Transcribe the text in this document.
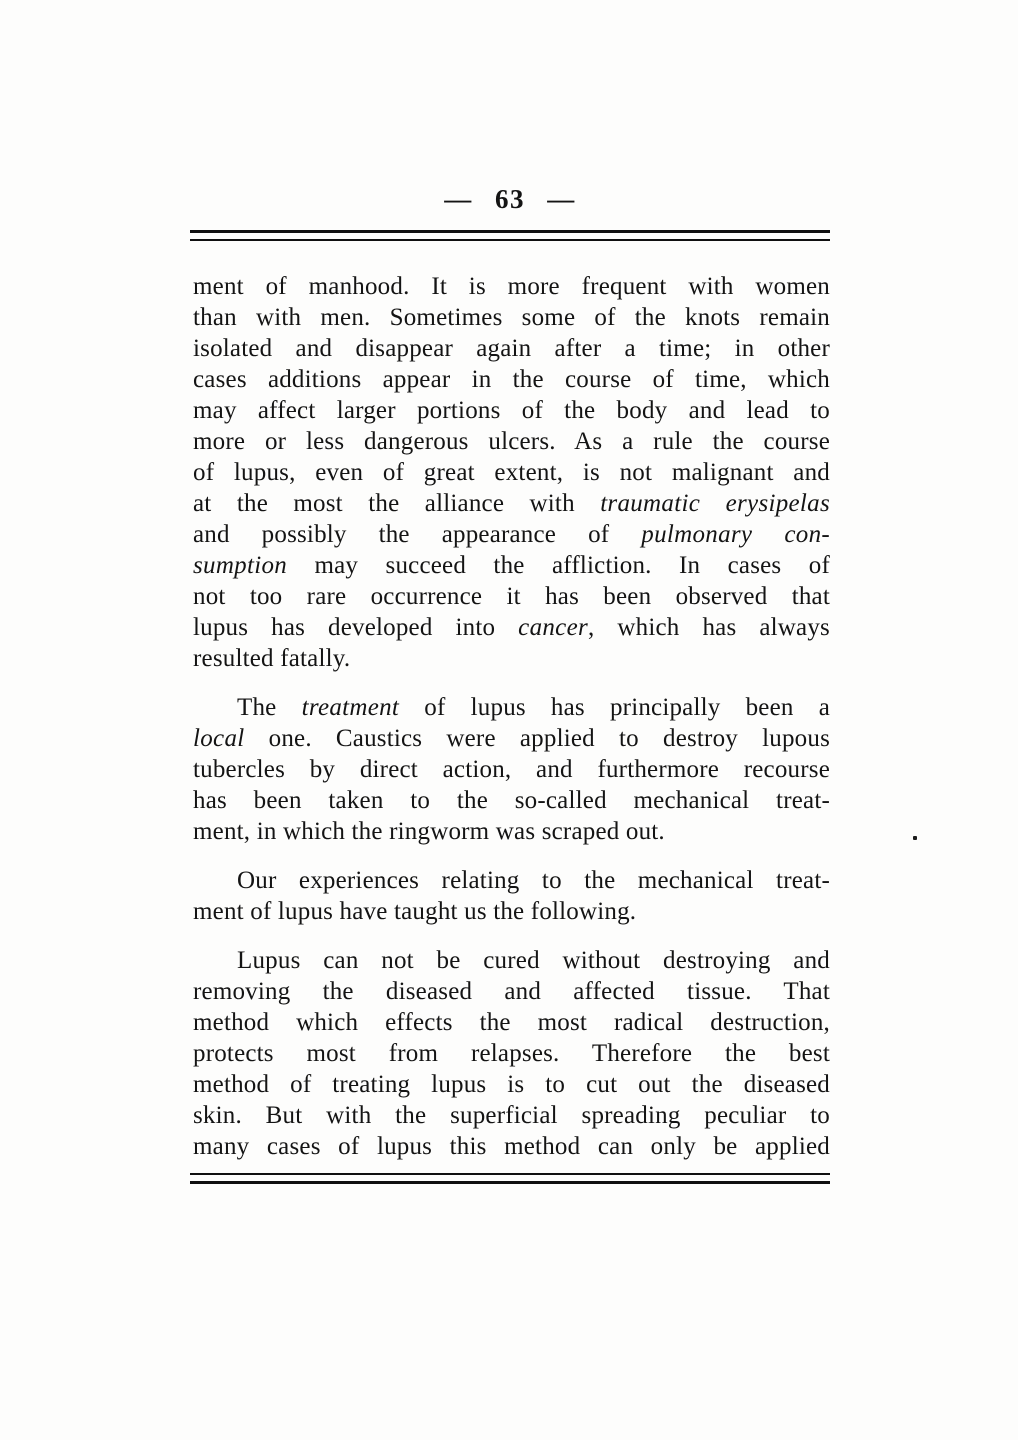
— 63 —
ment of manhood. It is more frequent with women
than with men. Sometimes some of the knots remain
isolated and disappear again after a time; in other
cases additions appear in the course of time, which
may affect larger portions of the body and lead to
more or less dangerous ulcers. As a rule the course
of lupus, even of great extent, is not malignant and
at the most the alliance with traumatic erysipelas
and possibly the appearance of pulmonary con-
sumption may succeed the affliction. In cases of
not too rare occurrence it has been observed that
lupus has developed into cancer, which has always
resulted fatally.
The treatment of lupus has principally been a
local one. Caustics were applied to destroy lupous
tubercles by direct action, and furthermore recourse
has been taken to the so-called mechanical treat-
ment, in which the ringworm was scraped out.
Our experiences relating to the mechanical treat-
ment of lupus have taught us the following.
Lupus can not be cured without destroying and
removing the diseased and affected tissue. That
method which effects the most radical destruction,
protects most from relapses. Therefore the best
method of treating lupus is to cut out the diseased
skin. But with the superficial spreading peculiar to
many cases of lupus this method can only be applied
